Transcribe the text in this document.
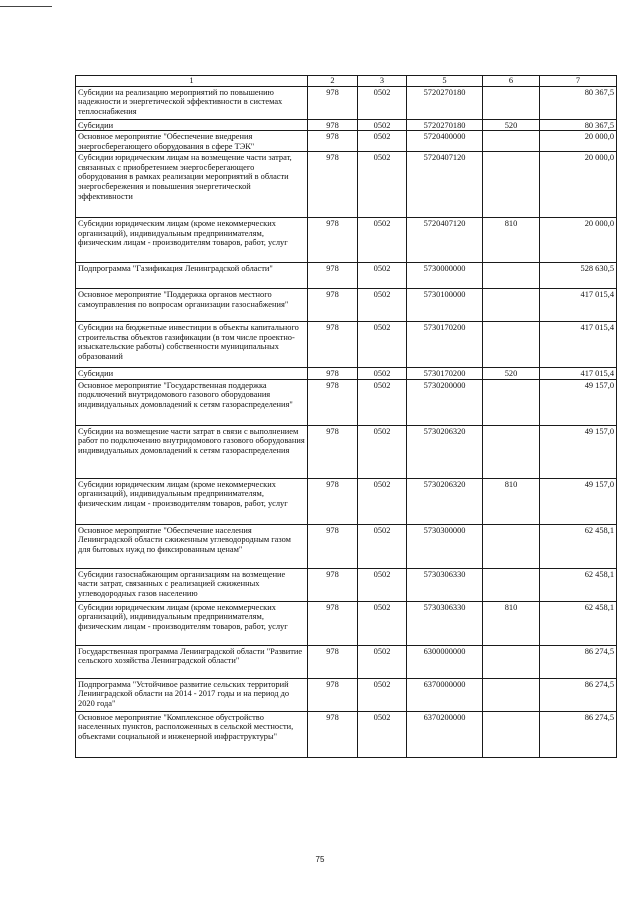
1	2	3	5	6	7
Субсидии на реализацию мероприятий по повышению надежности и энергетической эффективности в системах теплоснабжения	978	0502	5720270180		80 367,5
Субсидии	978	0502	5720270180	520	80 367,5
Основное мероприятие "Обеспечение внедрения энергосберегающего оборудования в сфере ТЭК"	978	0502	5720400000		20 000,0
Субсидии юридическим лицам на возмещение части затрат, связанных с приобретением энергосберегающего оборудования в рамках реализации мероприятий в области энергосбережения и повышения энергетической эффективности	978	0502	5720407120		20 000,0
Субсидии юридическим лицам (кроме некоммерческих организаций), индивидуальным предпринимателям, физическим лицам - производителям товаров, работ, услуг	978	0502	5720407120	810	20 000,0
Подпрограмма "Газификация Ленинградской области"	978	0502	5730000000		528 630,5
Основное мероприятие "Поддержка органов местного самоуправления по вопросам организации газоснабжения"	978	0502	5730100000		417 015,4
Субсидии на бюджетные инвестиции в объекты капитального строительства объектов газификации (в том числе проектно-изыскательские работы) собственности муниципальных образований	978	0502	5730170200		417 015,4
Субсидии	978	0502	5730170200	520	417 015,4
Основное мероприятие "Государственная поддержка подключений внутридомового газового оборудования индивидуальных домовладений к сетям газораспределения"	978	0502	5730200000		49 157,0
Субсидии на возмещение части затрат в связи с выполнением работ по подключению внутридомового газового оборудования индивидуальных домовладений к сетям газораспределения	978	0502	5730206320		49 157,0
Субсидии юридическим лицам (кроме некоммерческих организаций), индивидуальным предпринимателям, физическим лицам - производителям товаров, работ, услуг	978	0502	5730206320	810	49 157,0
Основное мероприятие "Обеспечение населения Ленинградской области сжиженным углеводородным газом для бытовых нужд по фиксированным ценам"	978	0502	5730300000		62 458,1
Субсидии газоснабжающим организациям на возмещение части затрат, связанных с реализацией сжиженных углеводородных газов населению	978	0502	5730306330		62 458,1
Субсидии юридическим лицам (кроме некоммерческих организаций), индивидуальным предпринимателям, физическим лицам - производителям товаров, работ, услуг	978	0502	5730306330	810	62 458,1
Государственная программа Ленинградской области "Развитие сельского хозяйства Ленинградской области"	978	0502	6300000000		86 274,5
Подпрограмма "Устойчивое развитие сельских территорий Ленинградской области на 2014 - 2017 годы и на период до 2020 года"	978	0502	6370000000		86 274,5
Основное мероприятие "Комплексное обустройство населенных пунктов, расположенных в сельской местности, объектами социальной и инженерной инфраструктуры"	978	0502	6370200000		86 274,5
75
